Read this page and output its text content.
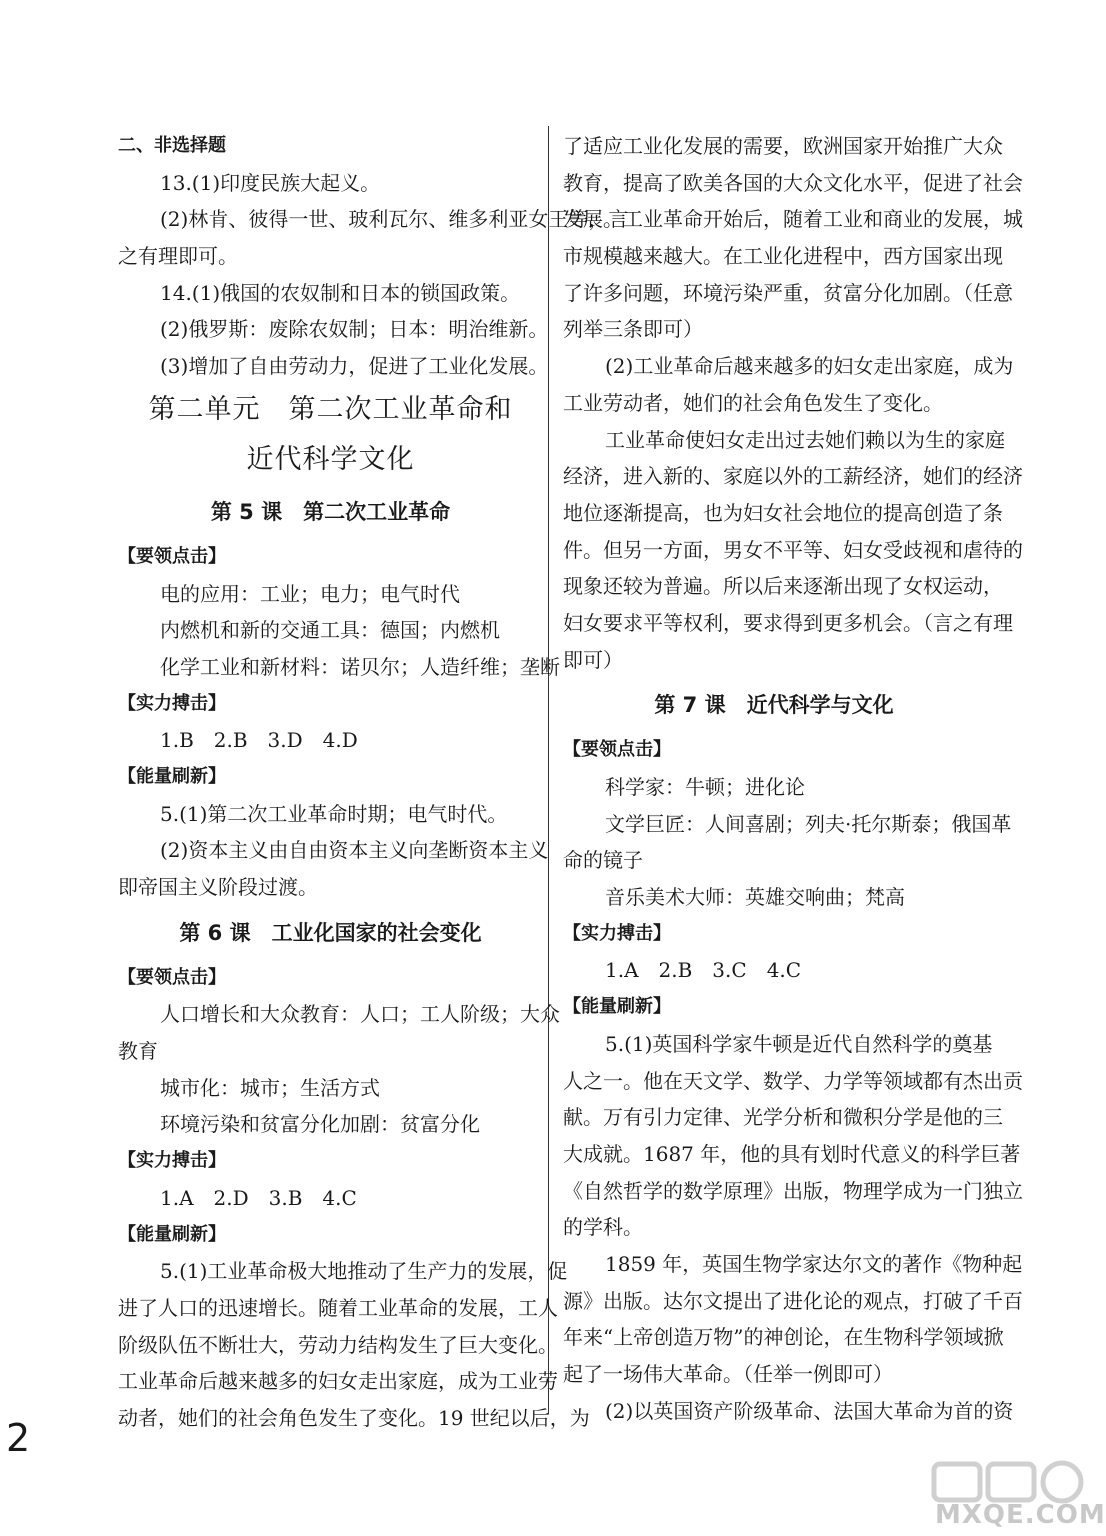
二、非选择题
13.(1)印度民族大起义。
(2)林肯、彼得一世、玻利瓦尔、维多利亚女王等，言
之有理即可。
14.(1)俄国的农奴制和日本的锁国政策。
(2)俄罗斯：废除农奴制；日本：明治维新。
(3)增加了自由劳动力，促进了工业化发展。
第二单元　第二次工业革命和
近代科学文化
第 5 课　第二次工业革命
【要领点击】
电的应用：工业；电力；电气时代
内燃机和新的交通工具：德国；内燃机
化学工业和新材料：诺贝尔；人造纤维；垄断
【实力搏击】
1.B　2.B　3.D　4.D
【能量刷新】
5.(1)第二次工业革命时期；电气时代。
(2)资本主义由自由资本主义向垄断资本主义
即帝国主义阶段过渡。
第 6 课　工业化国家的社会变化
【要领点击】
人口增长和大众教育：人口；工人阶级；大众
教育
城市化：城市；生活方式
环境污染和贫富分化加剧：贫富分化
【实力搏击】
1.A　2.D　3.B　4.C
【能量刷新】
5.(1)工业革命极大地推动了生产力的发展，促
进了人口的迅速增长。随着工业革命的发展，工人
阶级队伍不断壮大，劳动力结构发生了巨大变化。
工业革命后越来越多的妇女走出家庭，成为工业劳
动者，她们的社会角色发生了变化。19 世纪以后，为
了适应工业化发展的需要，欧洲国家开始推广大众
教育，提高了欧美各国的大众文化水平，促进了社会
发展。工业革命开始后，随着工业和商业的发展，城
市规模越来越大。在工业化进程中，西方国家出现
了许多问题，环境污染严重，贫富分化加剧。（任意
列举三条即可）
(2)工业革命后越来越多的妇女走出家庭，成为
工业劳动者，她们的社会角色发生了变化。
工业革命使妇女走出过去她们赖以为生的家庭
经济，进入新的、家庭以外的工薪经济，她们的经济
地位逐渐提高，也为妇女社会地位的提高创造了条
件。但另一方面，男女不平等、妇女受歧视和虐待的
现象还较为普遍。所以后来逐渐出现了女权运动，
妇女要求平等权利，要求得到更多机会。（言之有理
即可）
第 7 课　近代科学与文化
【要领点击】
科学家：牛顿；进化论
文学巨匠：人间喜剧；列夫·托尔斯泰；俄国革
命的镜子
音乐美术大师：英雄交响曲；梵高
【实力搏击】
1.A　2.B　3.C　4.C
【能量刷新】
5.(1)英国科学家牛顿是近代自然科学的奠基
人之一。他在天文学、数学、力学等领域都有杰出贡
献。万有引力定律、光学分析和微积分学是他的三
大成就。1687 年，他的具有划时代意义的科学巨著
《自然哲学的数学原理》出版，物理学成为一门独立
的学科。
1859 年，英国生物学家达尔文的著作《物种起
源》出版。达尔文提出了进化论的观点，打破了千百
年来“上帝创造万物”的神创论，在生物科学领域掀
起了一场伟大革命。（任举一例即可）
(2)以英国资产阶级革命、法国大革命为首的资
2
MXQE.COM
